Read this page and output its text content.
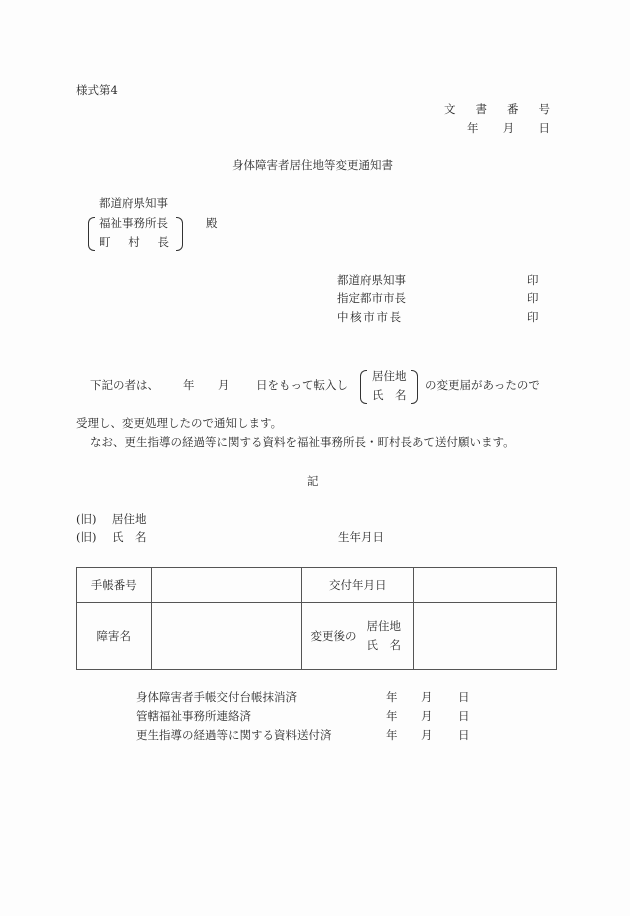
様式第4
文 書 番 号
年 月 日
身体障害者居住地等変更通知書
都道府県知事
福祉事務所長
町 村 長
殿
都道府県知事	印
指定都市市長	印
中 核 市 市 長	印
下記の者は、 年 月 日をもって転入し
居住地
氏　名
の変更届があったので
受理し、変更処理したので通知します。
なお、更生指導の経過等に関する資料を福祉事務所長・町村長あて送付願います。
記
(旧) 居住地
(旧) 氏　名	生年月日
手帳番号		交付年月日	
障害名		変更後の
居住地
氏　名	

身体障害者手帳交付台帳抹消済	年 月 日
管轄福祉事務所連絡済	年 月 日
更生指導の経過等に関する資料送付済	年 月 日
